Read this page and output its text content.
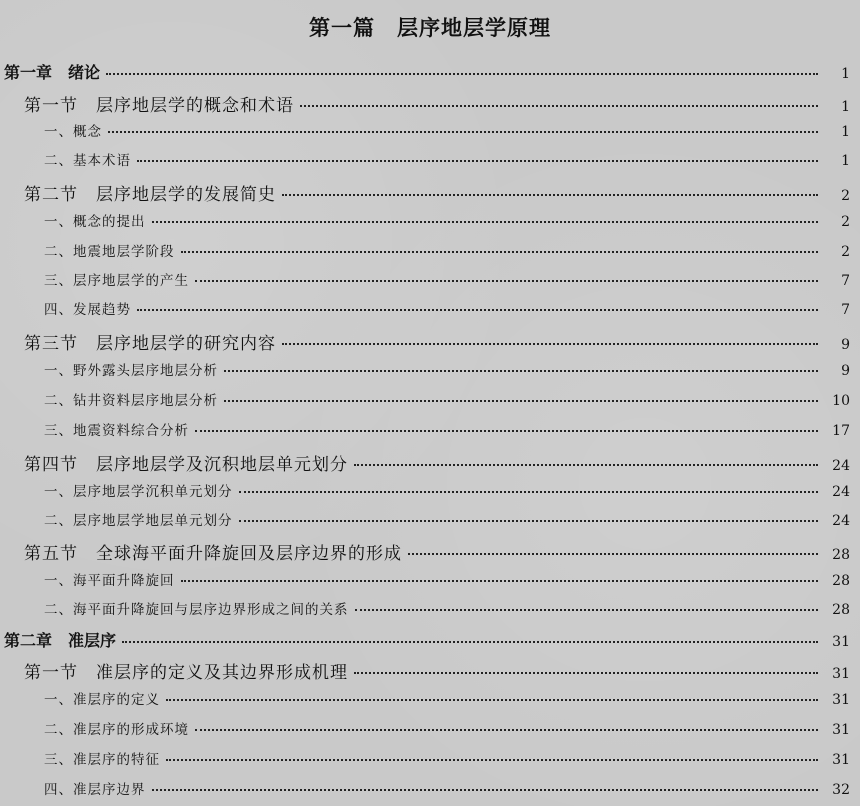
第一篇　层序地层学原理
第一章　绪论	1
第一节　层序地层学的概念和术语	1
一、概念	1
二、基本术语	1
第二节　层序地层学的发展简史	2
一、概念的提出	2
二、地震地层学阶段	2
三、层序地层学的产生	7
四、发展趋势	7
第三节　层序地层学的研究内容	9
一、野外露头层序地层分析	9
二、钻井资料层序地层分析	10
三、地震资料综合分析	17
第四节　层序地层学及沉积地层单元划分	24
一、层序地层学沉积单元划分	24
二、层序地层学地层单元划分	24
第五节　全球海平面升降旋回及层序边界的形成	28
一、海平面升降旋回	28
二、海平面升降旋回与层序边界形成之间的关系	28
第二章　准层序	31
第一节　准层序的定义及其边界形成机理	31
一、准层序的定义	31
二、准层序的形成环境	31
三、准层序的特征	31
四、准层序边界	32
